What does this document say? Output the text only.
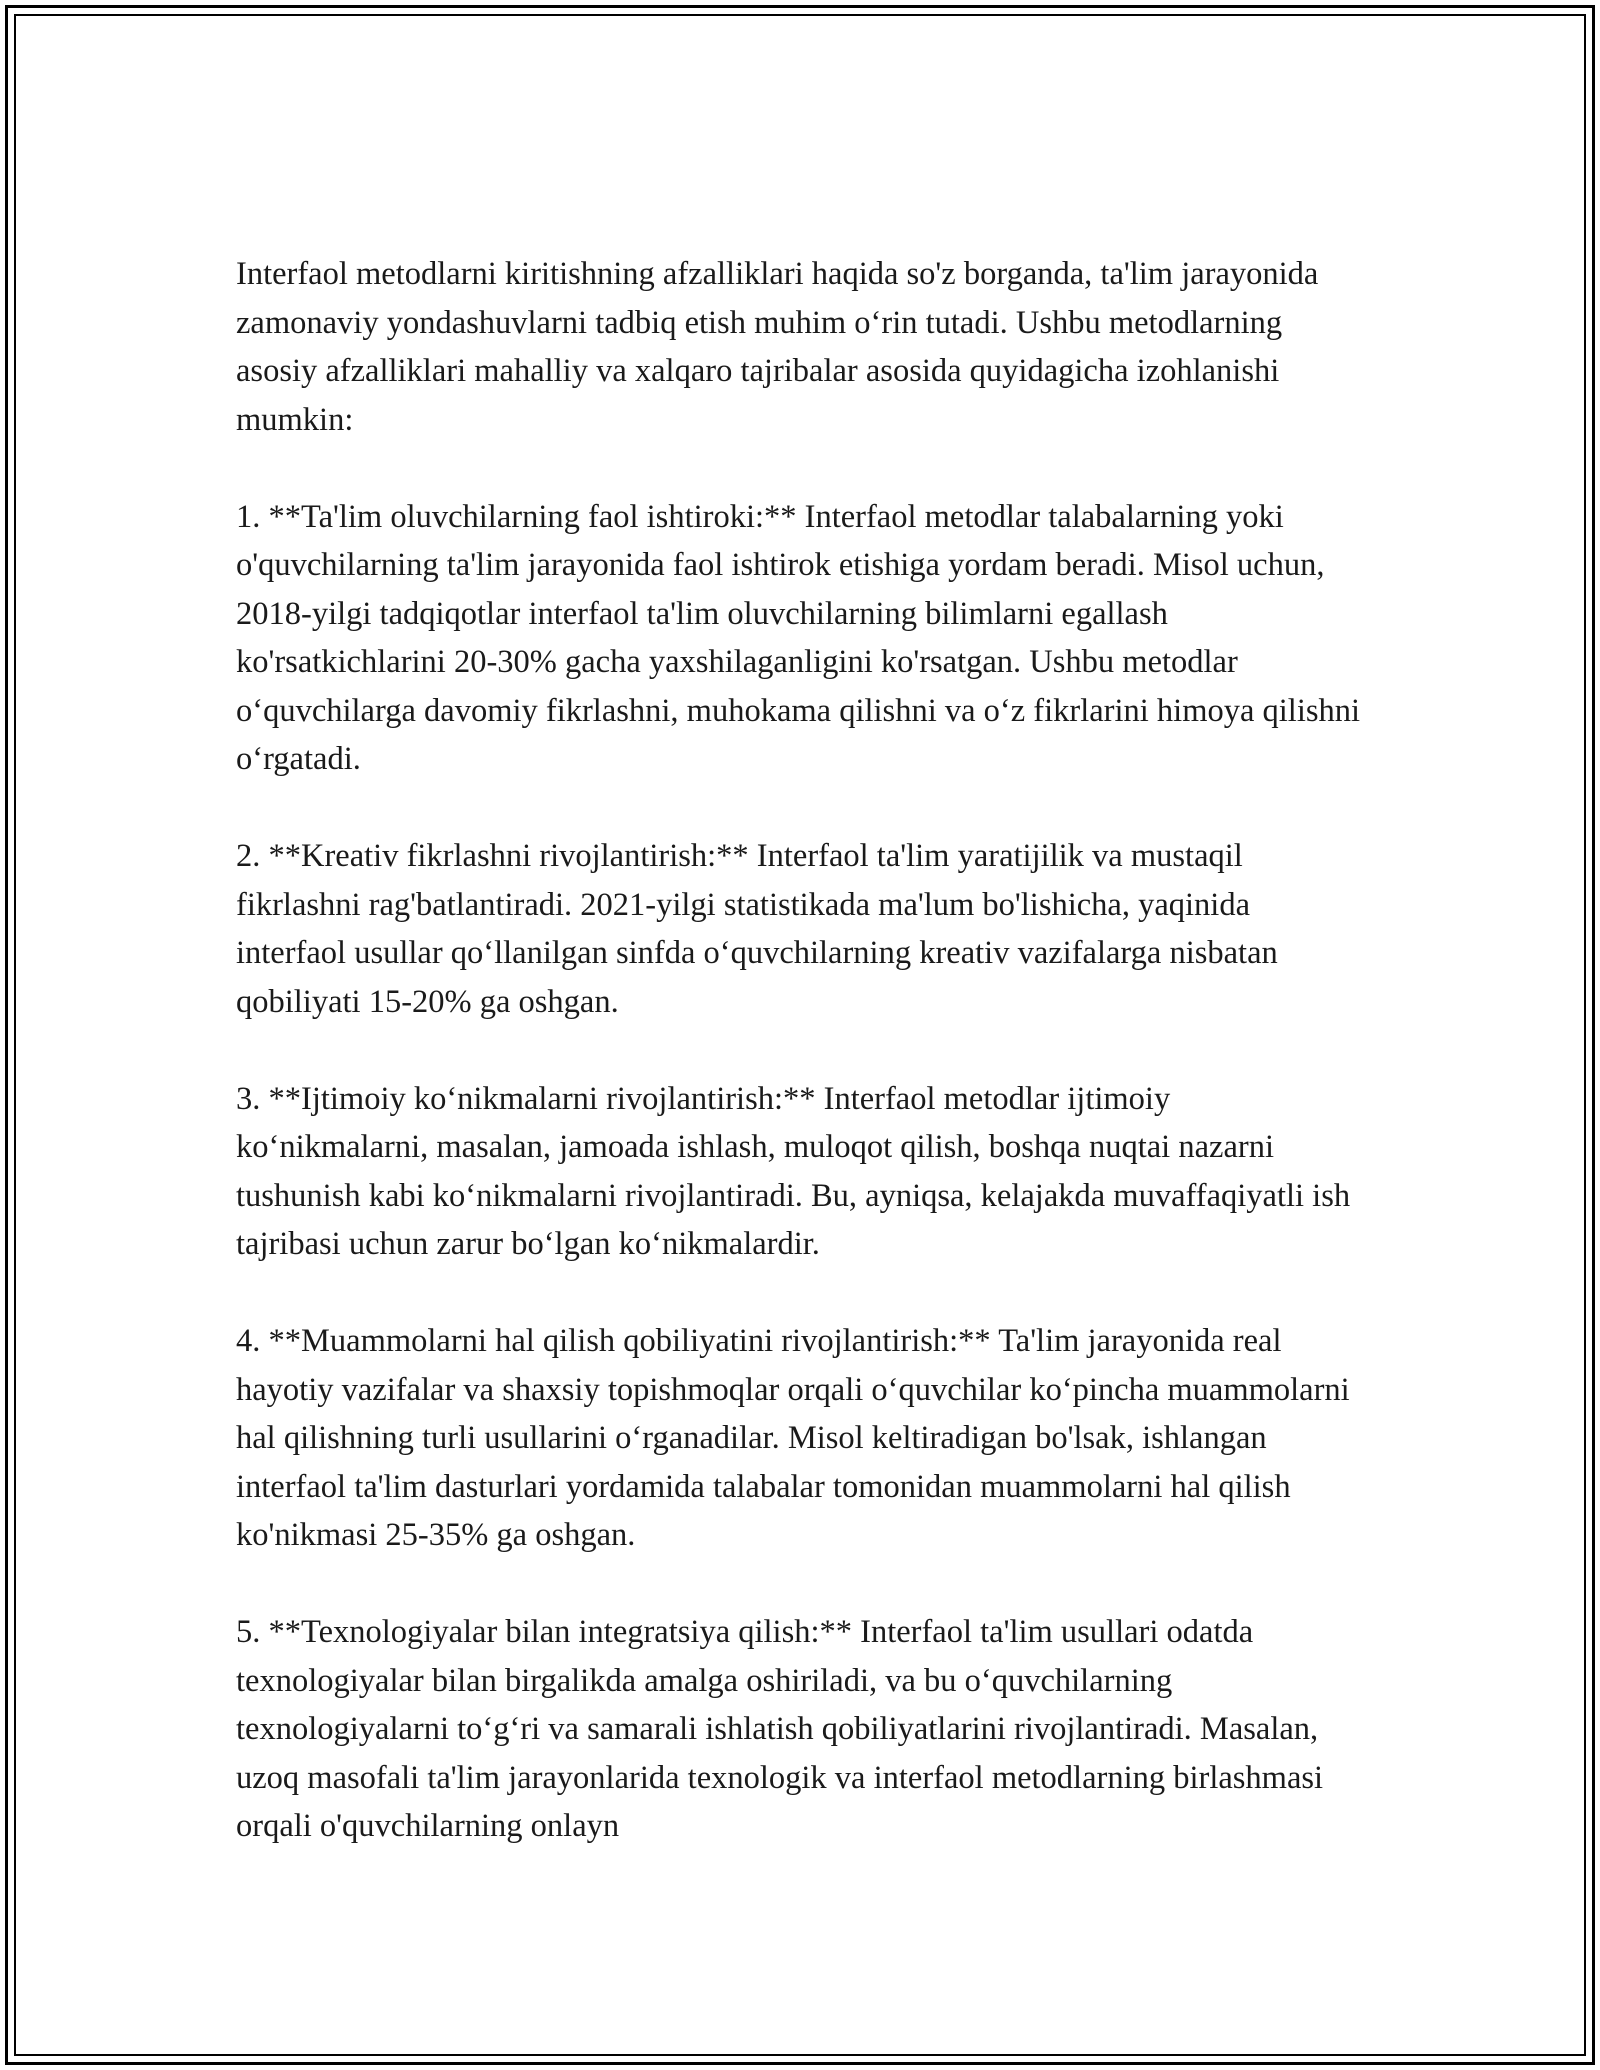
Interfaol metodlarni kiritishning afzalliklari haqida so'z borganda, ta'lim jarayonida zamonaviy yondashuvlarni tadbiq etish muhim o‘rin tutadi. Ushbu metodlarning asosiy afzalliklari mahalliy va xalqaro tajribalar asosida quyidagicha izohlanishi mumkin:

1. **Ta'lim oluvchilarning faol ishtiroki:** Interfaol metodlar talabalarning yoki o'quvchilarning ta'lim jarayonida faol ishtirok etishiga yordam beradi. Misol uchun, 2018-yilgi tadqiqotlar interfaol ta'lim oluvchilarning bilimlarni egallash ko'rsatkichlarini 20-30% gacha yaxshilaganligini ko'rsatgan. Ushbu metodlar o‘quvchilarga davomiy fikrlashni, muhokama qilishni va o‘z fikrlarini himoya qilishni o‘rgatadi.

2. **Kreativ fikrlashni rivojlantirish:** Interfaol ta'lim yaratijilik va mustaqil fikrlashni rag'batlantiradi. 2021-yilgi statistikada ma'lum bo'lishicha, yaqinida interfaol usullar qo‘llanilgan sinfda o‘quvchilarning kreativ vazifalarga nisbatan qobiliyati 15-20% ga oshgan.

3. **Ijtimoiy ko‘nikmalarni rivojlantirish:** Interfaol metodlar ijtimoiy ko‘nikmalarni, masalan, jamoada ishlash, muloqot qilish, boshqa nuqtai nazarni tushunish kabi ko‘nikmalarni rivojlantiradi. Bu, ayniqsa, kelajakda muvaffaqiyatli ish tajribasi uchun zarur bo‘lgan ko‘nikmalardir.

4. **Muammolarni hal qilish qobiliyatini rivojlantirish:** Ta'lim jarayonida real hayotiy vazifalar va shaxsiy topishmoqlar orqali o‘quvchilar ko‘pincha muammolarni hal qilishning turli usullarini o‘rganadilar. Misol keltiradigan bo'lsak, ishlangan interfaol ta'lim dasturlari yordamida talabalar tomonidan muammolarni hal qilish ko'nikmasi 25-35% ga oshgan.

5. **Texnologiyalar bilan integratsiya qilish:** Interfaol ta'lim usullari odatda texnologiyalar bilan birgalikda amalga oshiriladi, va bu o‘quvchilarning texnologiyalarni to‘g‘ri va samarali ishlatish qobiliyatlarini rivojlantiradi. Masalan, uzoq masofali ta'lim jarayonlarida texnologik va interfaol metodlarning birlashmasi orqali o'quvchilarning onlayn
